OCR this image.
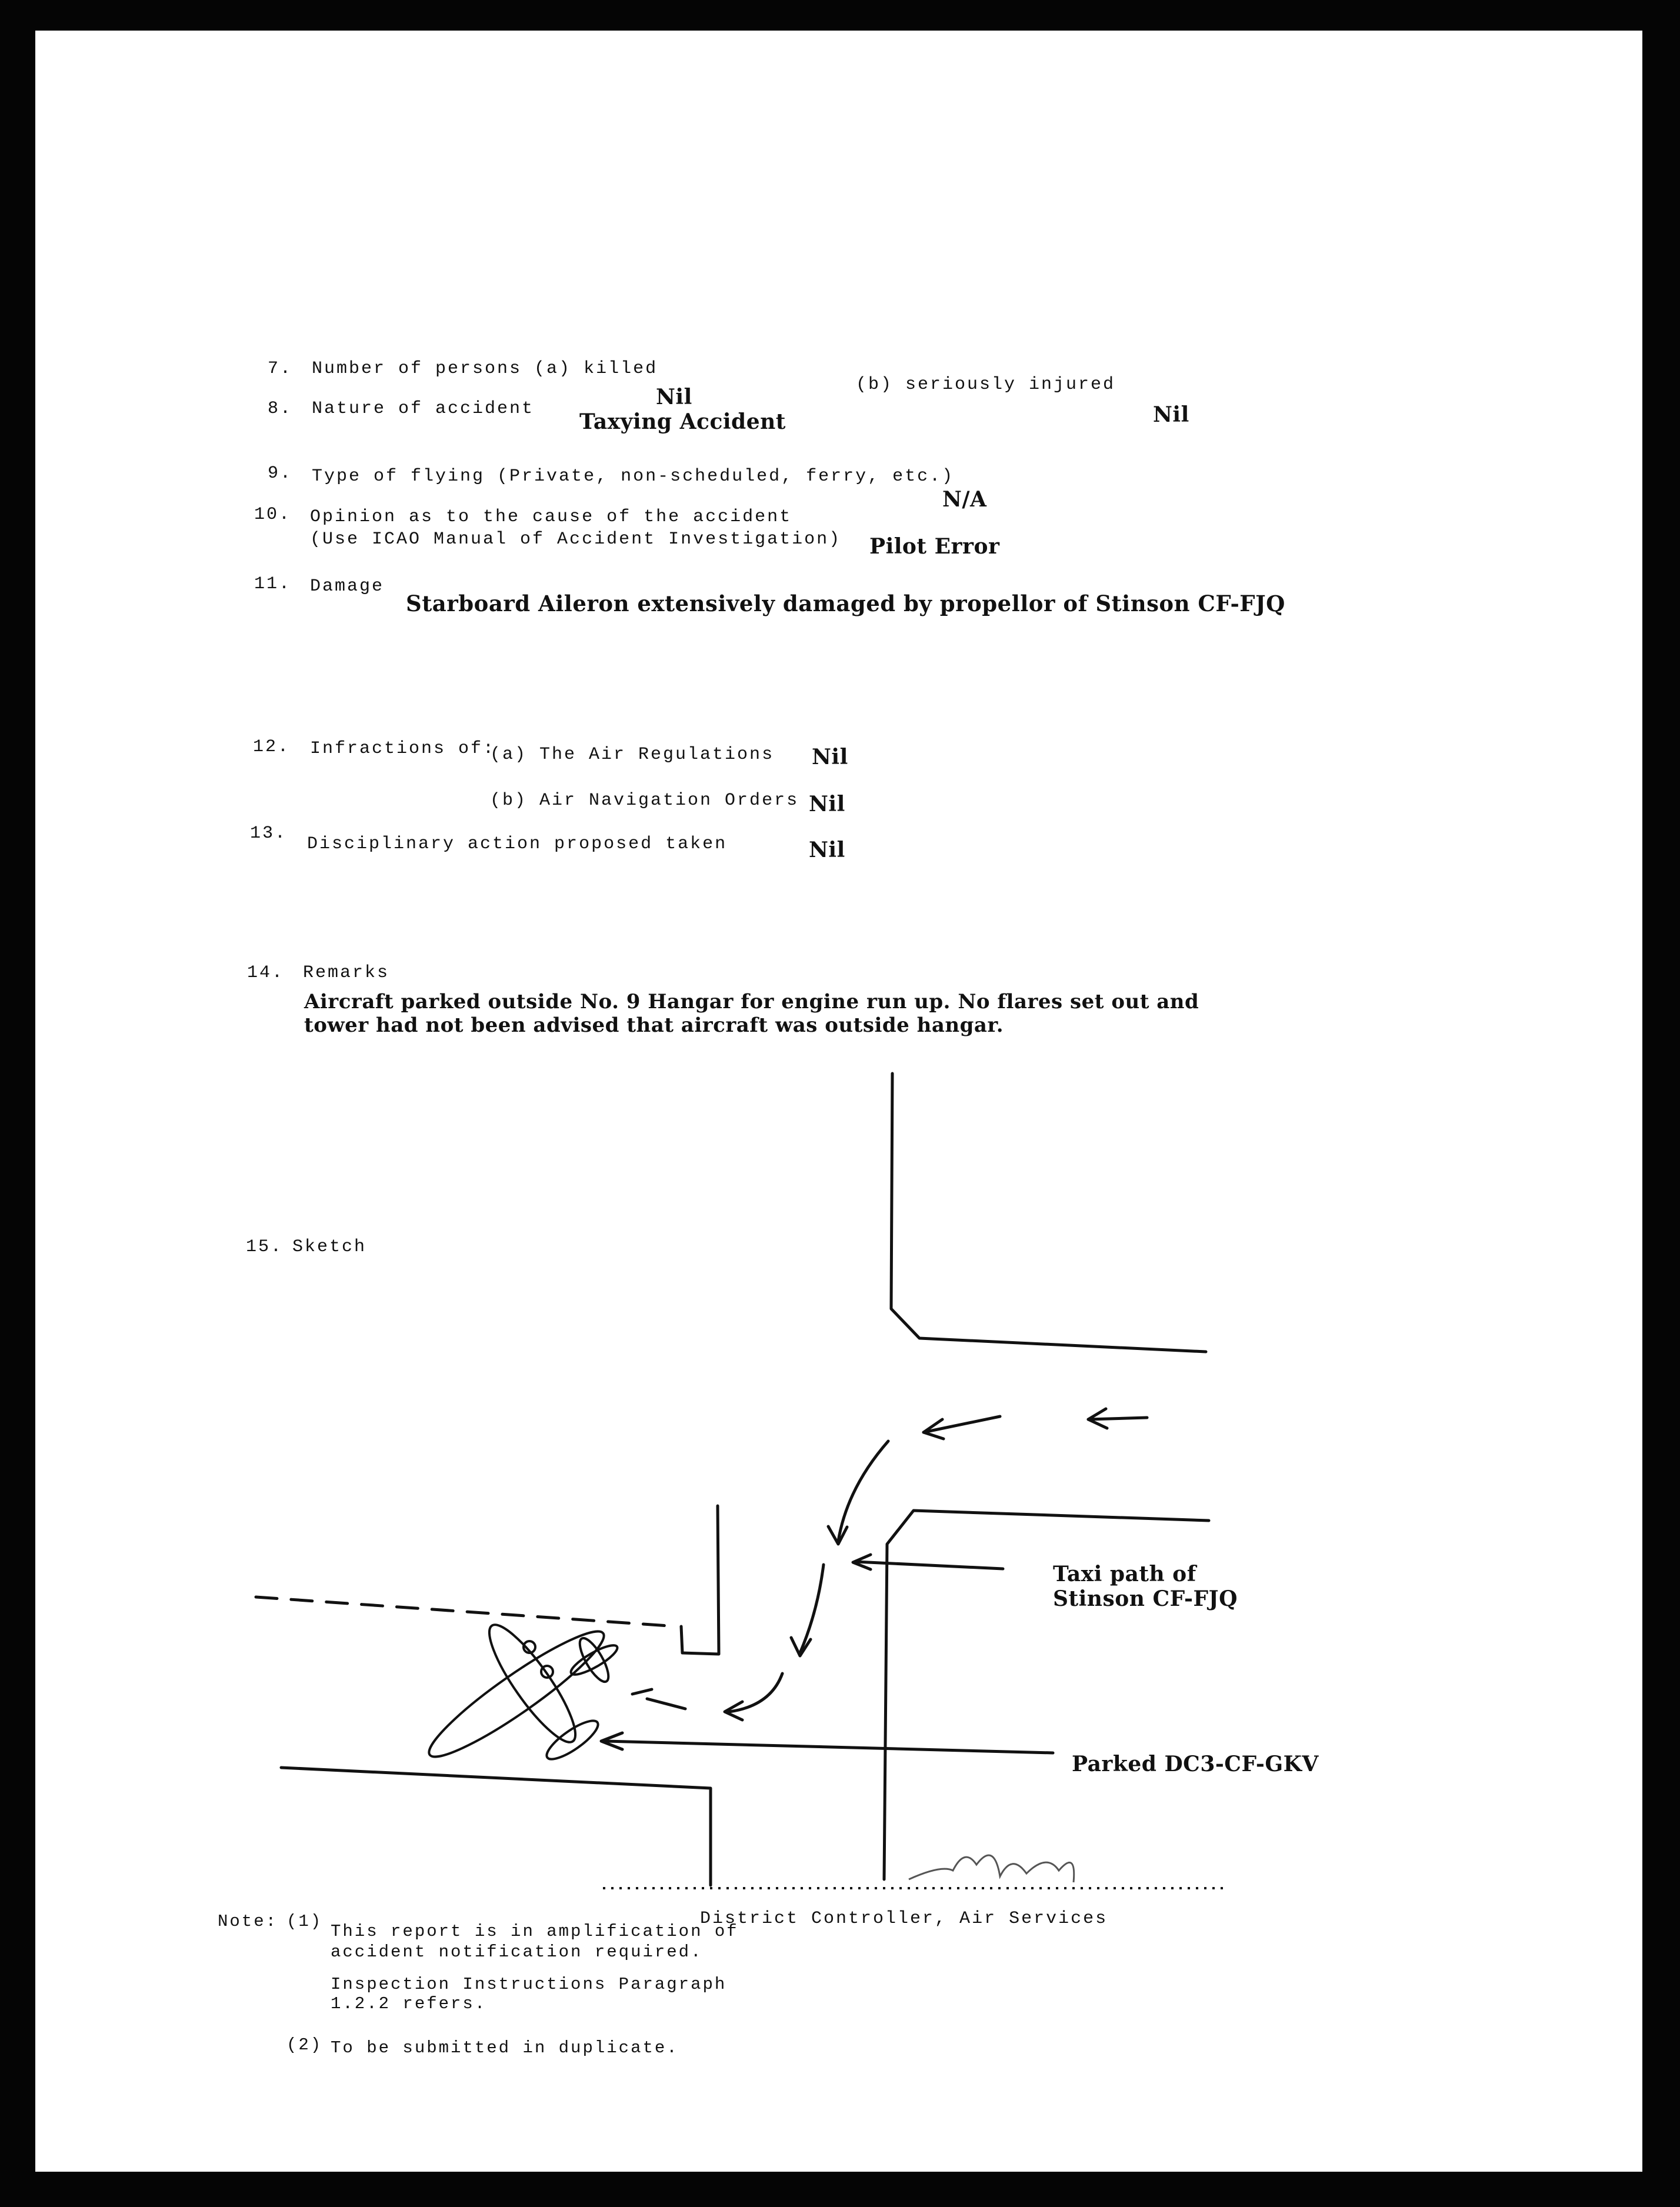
7. Number of persons (a) killed
Nil	(b) seriously injured
Nil
8. Nature of accident
Taxying Accident
9. Type of flying (Private, non-scheduled, ferry, etc.)
N/A
10. Opinion as to the cause of the accident
(Use ICAO Manual of Accident Investigation) Pilot Error
11. Damage
Starboard Aileron extensively damaged by propellor of Stinson CF-FJQ
12. Infractions of:
(a) The Air Regulations Nil
(b) Air Navigation Orders Nil
13.
Disciplinary action proposed taken	Nil
14. Remarks
Aircraft parked outside No. 9 Hangar for engine run up. No flares set out and
tower had not been advised that aircraft was outside hangar.
15. Sketch
Taxi path of
Stinson CF-FJQ
Parked DC3-CF-GKV
District Controller, Air Services
Note: (1)
This report is in amplification of
accident notification required.
Inspection Instructions Paragraph
1.2.2 refers.
(2) To be submitted in duplicate.
